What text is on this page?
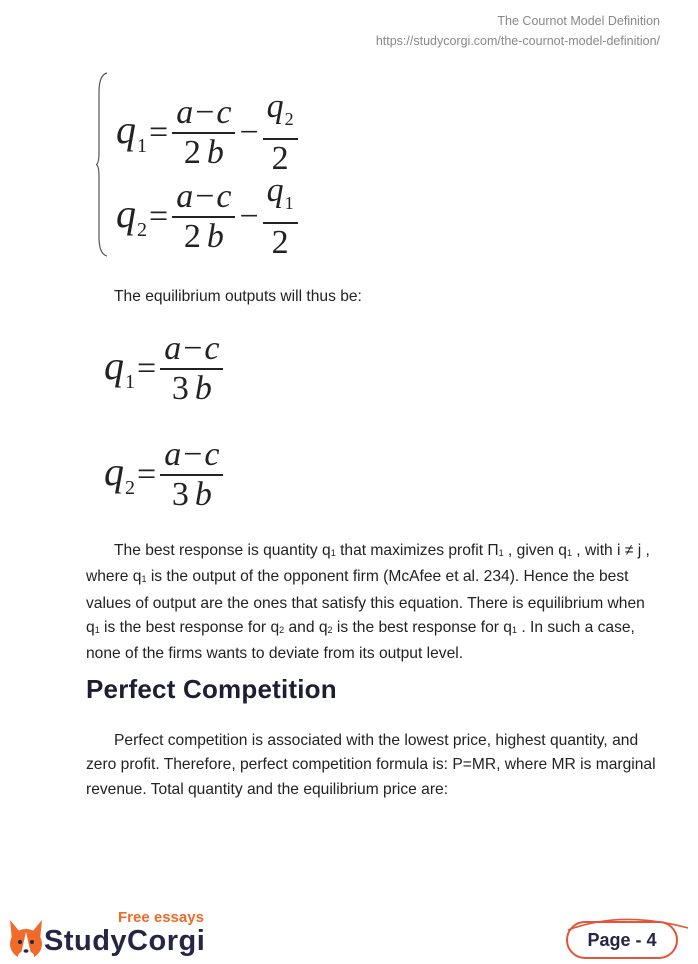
The Cournot Model Definition
https://studycorgi.com/the-cournot-model-definition/
$q_1 = \frac{a-c}{2 b} - \frac{q_2}{2}$
$q_2 = \frac{a-c}{2 b} - \frac{q_1}{2}$
The equilibrium outputs will thus be:
$q_1 = \frac{a-c}{3 b}$
$q_2 = \frac{a-c}{3 b}$
The best response is quantity q1 that maximizes profit Π1 , given q1 , with i ≠ j , where q1 is the output of the opponent firm (McAfee et al. 234). Hence the best values of output are the ones that satisfy this equation. There is equilibrium when q1 is the best response for q2 and q2 is the best response for q1 . In such a case, none of the firms wants to deviate from its output level.
Perfect Competition
Perfect competition is associated with the lowest price, highest quantity, and zero profit. Therefore, perfect competition formula is: P=MR, where MR is marginal revenue. Total quantity and the equilibrium price are:
Free essays
StudyCorgi	Page - 4
